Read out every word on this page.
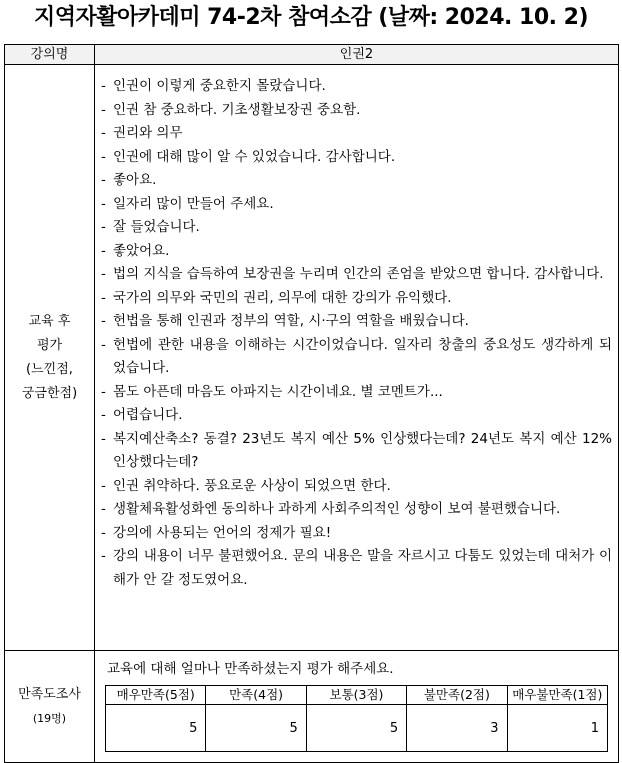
지역자활아카데미 74-2차 참여소감 (날짜: 2024. 10. 2)
강의명	인권2

교육 후
평가
(느낀점,
궁금한점)

- 인권이 이렇게 중요한지 몰랐습니다.
- 인권 참 중요하다. 기초생활보장권 중요함.
- 권리와 의무
- 인권에 대해 많이 알 수 있었습니다. 감사합니다.
- 좋아요.
- 일자리 많이 만들어 주세요.
- 잘 들었습니다.
- 좋았어요.
- 법의 지식을 습득하여 보장권을 누리며 인간의 존엄을 받았으면 합니다. 감사합니다.
- 국가의 의무와 국민의 권리, 의무에 대한 강의가 유익했다.
- 헌법을 통해 인권과 정부의 역할, 시·구의 역할을 배웠습니다.
- 헌법에 관한 내용을 이해하는 시간이었습니다. 일자리 창출의 중요성도 생각하게 되었습니다.
- 몸도 아픈데 마음도 아파지는 시간이네요. 별 코멘트가...
- 어렵습니다.
- 복지예산축소? 동결? 23년도 복지 예산 5% 인상했다는데? 24년도 복지 예산 12% 인상했다는데?
- 인권 취약하다. 풍요로운 사상이 되었으면 한다.
- 생활체육활성화엔 동의하나 과하게 사회주의적인 성향이 보여 불편했습니다.
- 강의에 사용되는 언어의 정제가 필요!
- 강의 내용이 너무 불편했어요. 문의 내용은 말을 자르시고 다툼도 있었는데 대처가 이해가 안 갈 정도였어요.

만족도조사
(19명)

교육에 대해 얼마나 만족하셨는지 평가 해주세요.
매우만족(5점)	만족(4점)	보통(3점)	불만족(2점)	매우불만족(1점)
5	5	5	3	1
